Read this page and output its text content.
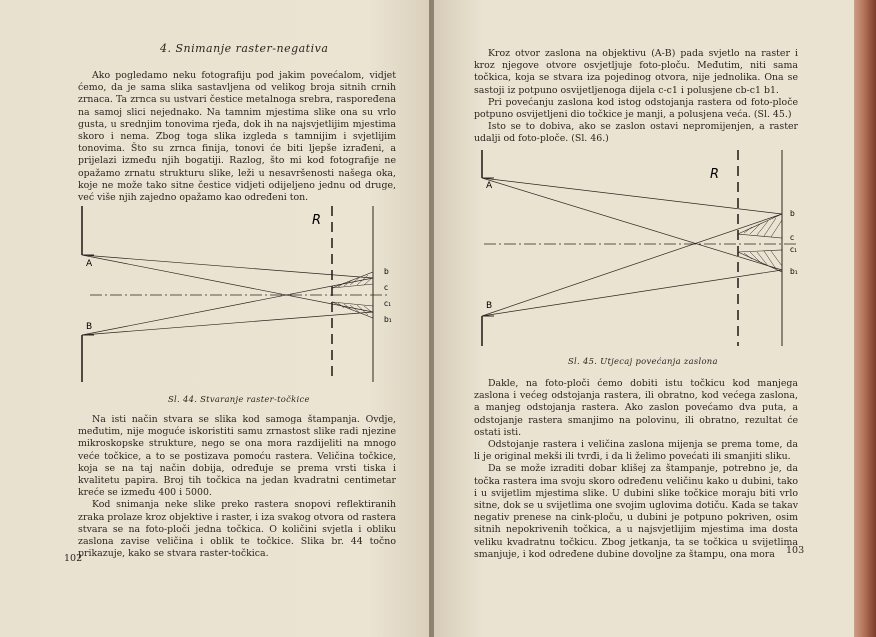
4. Snimanje raster-negativa

Ako pogledamo neku fotografiju pod jakim povećalom, vidjet ćemo, da je sama slika sastavljena od velikog broja sitnih crnih zrnaca. Ta zrnca su ustvari čestice metalnoga srebra, raspoređena na samoj slici nejednako. Na tamnim mjestima slike ona su vrlo gusta, u srednjim tonovima rjeđa, dok ih na najsvjetlijim mjestima skoro i nema. Zbog toga slika izgleda s tamnijim i svjetlijim tonovima. Što su zrnca finija, tonovi će biti ljepše izrađeni, a prijelazi između njih bogatiji. Razlog, što mi kod fotografije ne opažamo zrnatu strukturu slike, leži u nesavršenosti našega oka, koje ne može tako sitne čestice vidjeti odijeljeno jednu od druge, već više njih zajedno opažamo kao određeni ton.

R
A
B
b
c
c₁
b₁
Sl. 44. Stvaranje raster-točkice

Na isti način stvara se slika kod samoga štampanja. Ovdje, međutim, nije moguće iskoristiti samu zrnastost slike radi njezine mikroskopske strukture, nego se ona mora razdijeliti na mnogo veće točkice, a to se postizava pomoću rastera. Veličina točkice, koja se na taj način dobija, određuje se prema vrsti tiska i kvalitetu papira. Broj tih točkica na jedan kvadratni centimetar kreće se između 400 i 5000.

Kod snimanja neke slike preko rastera snopovi reflektiranih zraka prolaze kroz objektive i raster, i iza svakog otvora od rastera stvara se na foto-ploči jedna točkica. O količini svjetla i obliku zaslona zavise veličina i oblik te točkice. Slika br. 44 točno prikazuje, kako se stvara raster-točkica.

102

Kroz otvor zaslona na objektivu (A-B) pada svjetlo na raster i kroz njegove otvore osvjetljuje foto-ploču. Međutim, niti sama točkica, koja se stvara iza pojedinog otvora, nije jednolika. Ona se sastoji iz potpuno osvijetljenoga dijela c-c1 i polusjene cb-c1 b1.

Pri povećanju zaslona kod istog odstojanja rastera od foto-ploče potpuno osvijetljeni dio točkice je manji, a polusjena veća. (Sl. 45.)

Isto se to dobiva, ako se zaslon ostavi nepromijenjen, a raster udalji od foto-ploče. (Sl. 46.)

R
A
B
b
c
c₁
b₁
Sl. 45. Utjecaj povećanja zaslona

Dakle, na foto-ploči ćemo dobiti istu točkicu kod manjega zaslona i većeg odstojanja rastera, ili obratno, kod većega zaslona, a manjeg odstojanja rastera. Ako zaslon povećamo dva puta, a odstojanje rastera smanjimo na polovinu, ili obratno, rezultat će ostati isti.

Odstojanje rastera i veličina zaslona mijenja se prema tome, da li je original mekši ili tvrđi, i da li želimo povećati ili smanjiti sliku.

Da se može izraditi dobar klišej za štampanje, potrebno je, da točka rastera ima svoju skoro određenu veličinu kako u dubini, tako i u svijetlim mjestima slike. U dubini slike točkice moraju biti vrlo sitne, dok se u svijetlima one svojim uglovima dotiču. Kada se takav negativ prenese na cink-ploču, u dubini je potpuno pokriven, osim sitnih nepokrivenih točkica, a u najsvjetlijim mjestima ima dosta veliku kvadratnu točkicu. Zbog jetkanja, ta se točkica u svijetlima smanjuje, i kod određene dubine dovoljne za štampu, ona mora	103
